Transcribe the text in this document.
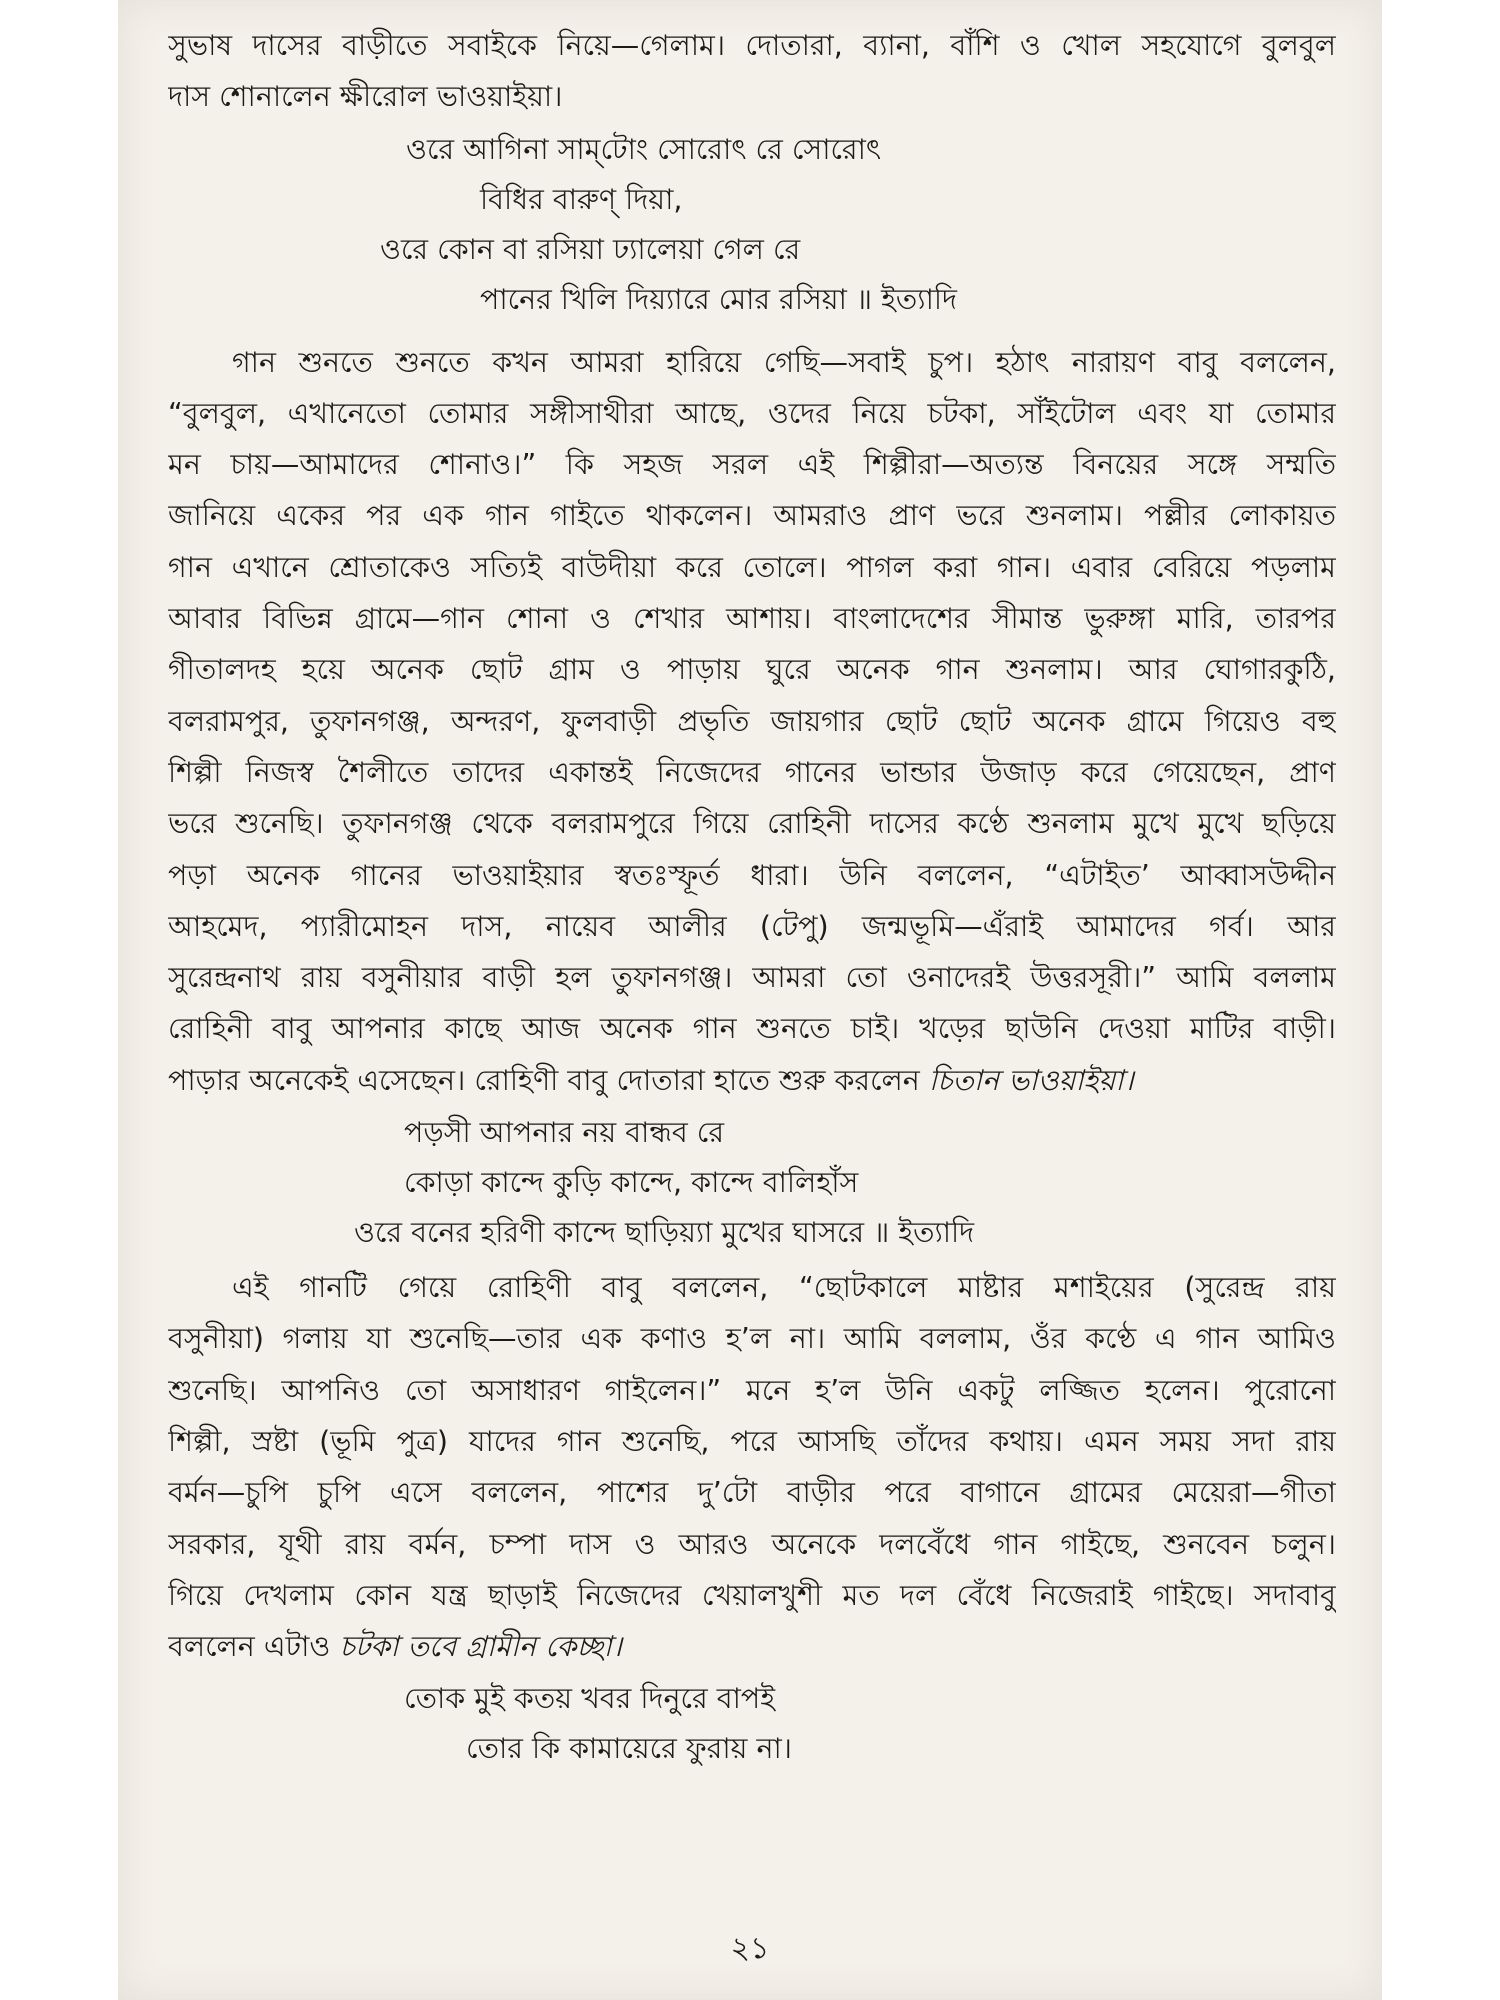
সুভাষ দাসের বাড়ীতে সবাইকে নিয়ে—গেলাম। দোতারা, ব্যানা, বাঁশি ও খোল সহযোগে বুলবুল
দাস শোনালেন ক্ষীরোল ভাওয়াইয়া।

ওরে আগিনা সাম্‌টোং সোরোৎ রে সোরোৎ
বিধির বারুণ্‌ দিয়া,
ওরে কোন বা রসিয়া ঢ্যালেয়া গেল রে
পানের খিলি দিয়্যারে মোর রসিয়া ॥ ইত্যাদি

গান শুনতে শুনতে কখন আমরা হারিয়ে গেছি—সবাই চুপ। হঠাৎ নারায়ণ বাবু বললেন,
“বুলবুল, এখানেতো তোমার সঙ্গীসাথীরা আছে, ওদের নিয়ে চটকা, সাঁইটোল এবং যা তোমার
মন চায়—আমাদের শোনাও।” কি সহজ সরল এই শিল্পীরা—অত্যন্ত বিনয়ের সঙ্গে সম্মতি
জানিয়ে একের পর এক গান গাইতে থাকলেন। আমরাও প্রাণ ভরে শুনলাম। পল্লীর লোকায়ত
গান এখানে শ্রোতাকেও সত্যিই বাউদীয়া করে তোলে। পাগল করা গান। এবার বেরিয়ে পড়লাম
আবার বিভিন্ন গ্রামে—গান শোনা ও শেখার আশায়। বাংলাদেশের সীমান্ত ভুরুঙ্গা মারি, তারপর
গীতালদহ হয়ে অনেক ছোট গ্রাম ও পাড়ায় ঘুরে অনেক গান শুনলাম। আর ঘোগারকুঠি,
বলরামপুর, তুফানগঞ্জ, অন্দরণ, ফুলবাড়ী প্রভৃতি জায়গার ছোট ছোট অনেক গ্রামে গিয়েও বহু
শিল্পী নিজস্ব শৈলীতে তাদের একান্তই নিজেদের গানের ভান্ডার উজাড় করে গেয়েছেন, প্রাণ
ভরে শুনেছি। তুফানগঞ্জ থেকে বলরামপুরে গিয়ে রোহিনী দাসের কণ্ঠে শুনলাম মুখে মুখে ছড়িয়ে
পড়া অনেক গানের ভাওয়াইয়ার স্বতঃস্ফূর্ত ধারা। উনি বললেন, “এটাইত’ আব্বাসউদ্দীন
আহমেদ, প্যারীমোহন দাস, নায়েব আলীর (টেপু) জন্মভূমি—এঁরাই আমাদের গর্ব। আর
সুরেন্দ্রনাথ রায় বসুনীয়ার বাড়ী হল তুফানগঞ্জ। আমরা তো ওনাদেরই উত্তরসূরী।” আমি বললাম
রোহিনী বাবু আপনার কাছে আজ অনেক গান শুনতে চাই। খড়ের ছাউনি দেওয়া মাটির বাড়ী।
পাড়ার অনেকেই এসেছেন। রোহিণী বাবু দোতারা হাতে শুরু করলেন চিতান ভাওয়াইয়া।

পড়সী আপনার নয় বান্ধব রে
কোড়া কান্দে কুড়ি কান্দে, কান্দে বালিহাঁস
ওরে বনের হরিণী কান্দে ছাড়িয়্যা মুখের ঘাসরে ॥ ইত্যাদি

এই গানটি গেয়ে রোহিণী বাবু বললেন, “ছোটকালে মাষ্টার মশাইয়ের (সুরেন্দ্র রায়
বসুনীয়া) গলায় যা শুনেছি—তার এক কণাও হ’ল না। আমি বললাম, ওঁর কণ্ঠে এ গান আমিও
শুনেছি। আপনিও তো অসাধারণ গাইলেন।” মনে হ’ল উনি একটু লজ্জিত হলেন। পুরোনো
শিল্পী, স্রষ্টা (ভূমি পুত্র) যাদের গান শুনেছি, পরে আসছি তাঁদের কথায়। এমন সময় সদা রায়
বর্মন—চুপি চুপি এসে বললেন, পাশের দু’টো বাড়ীর পরে বাগানে গ্রামের মেয়েরা—গীতা
সরকার, যূথী রায় বর্মন, চম্পা দাস ও আরও অনেকে দলবেঁধে গান গাইছে, শুনবেন চলুন।
গিয়ে দেখলাম কোন যন্ত্র ছাড়াই নিজেদের খেয়ালখুশী মত দল বেঁধে নিজেরাই গাইছে। সদাবাবু
বললেন এটাও চটকা তবে গ্রামীন কেচ্ছা।

তোক মুই কতয় খবর দিনুরে বাপই
তোর কি কামায়েরে ফুরায় না।
২১
